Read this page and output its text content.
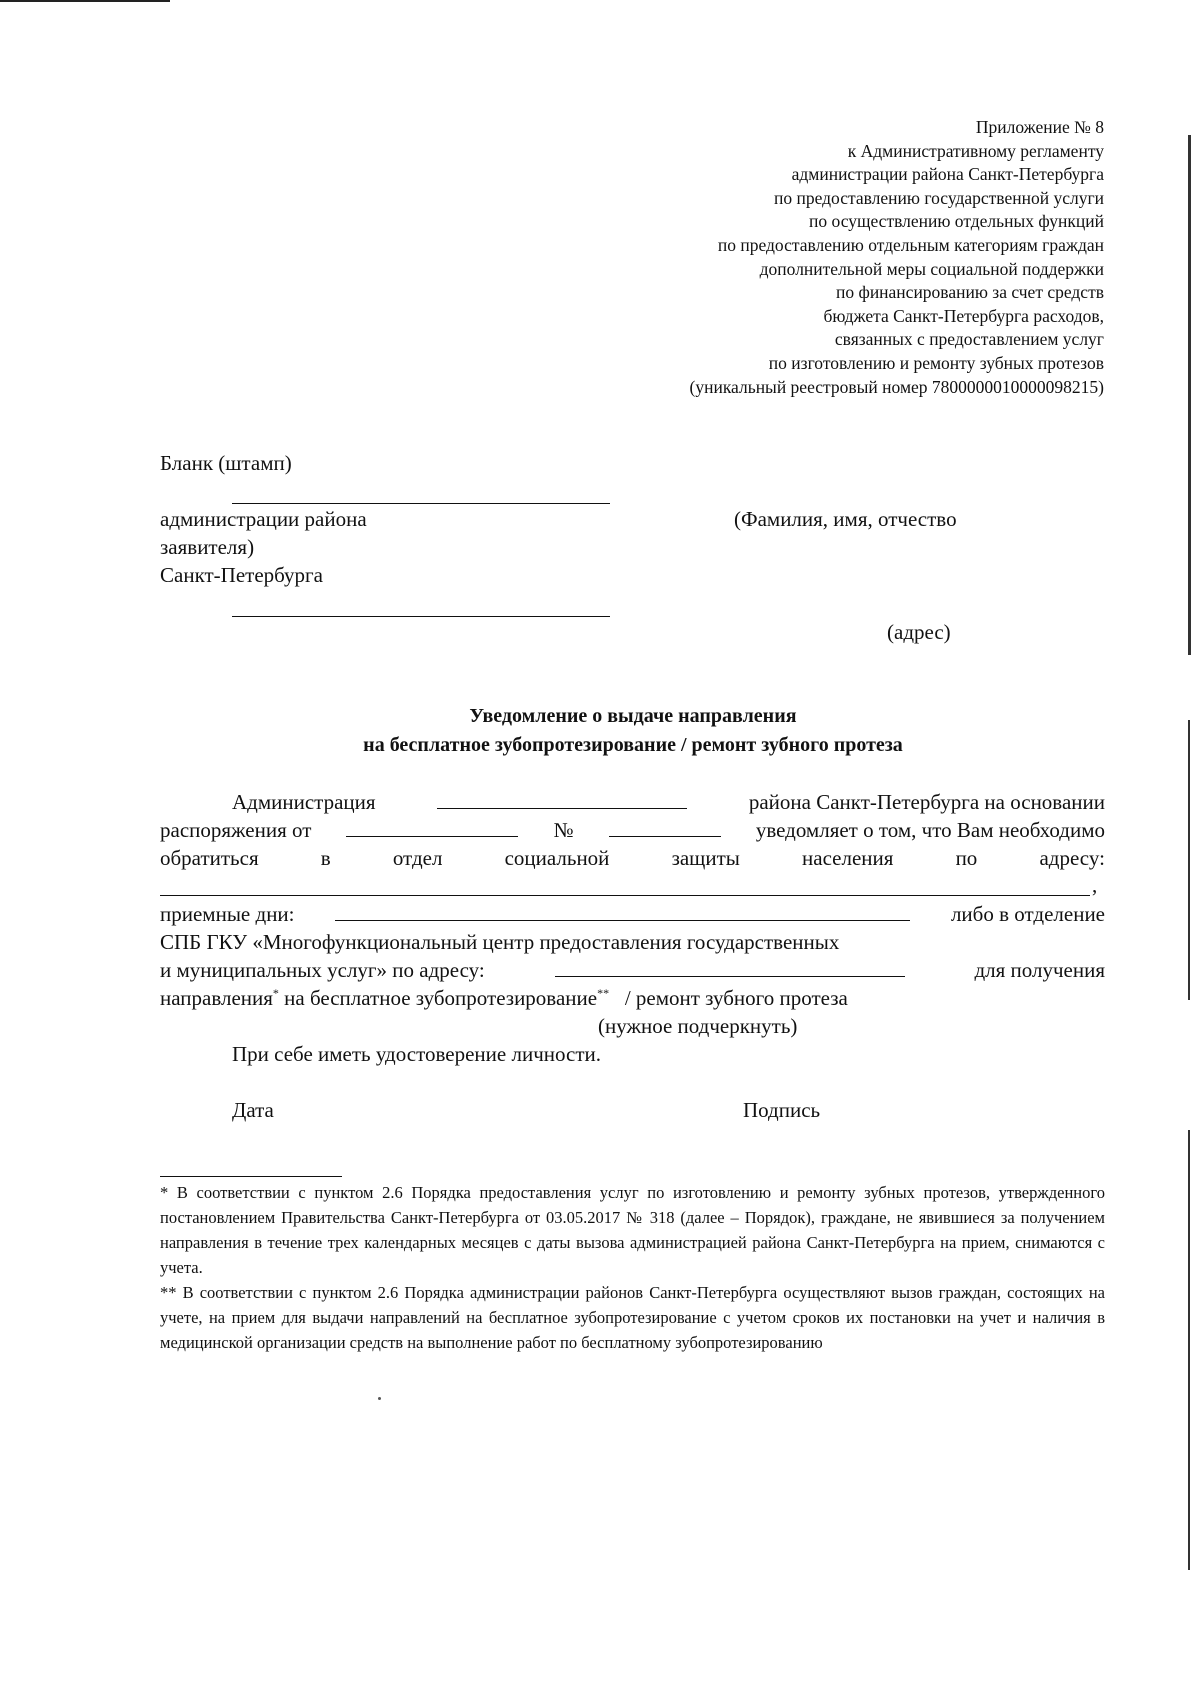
Приложение № 8
к Административному регламенту
администрации района Санкт-Петербурга
по предоставлению государственной услуги
по осуществлению отдельных функций
по предоставлению отдельным категориям граждан
дополнительной меры социальной поддержки
по финансированию за счет средств
бюджета Санкт-Петербурга расходов,
связанных с предоставлением услуг
по изготовлению и ремонту зубных протезов
(уникальный реестровый номер 7800000010000098215)
Бланк (штамп)
администрации района	(Фамилия, имя, отчество
заявителя)
Санкт-Петербурга
(адрес)
Уведомление о выдаче направления
на бесплатное зубопротезирование / ремонт зубного протеза
Администрация	района Санкт-Петербурга на основании
распоряжения от	№	уведомляет о том, что Вам необходимо
обратиться	в	отдел	социальной	защиты	населения	по	адресу:
,
приемные дни:	либо в отделение
СПБ ГКУ «Многофункциональный центр предоставления государственных
и муниципальных услуг» по адресу:	для получения
направления* на бесплатное зубопротезирование** / ремонт зубного протеза
(нужное подчеркнуть)
При себе иметь удостоверение личности.
Дата	Подпись

* В соответствии с пунктом 2.6 Порядка предоставления услуг по изготовлению и ремонту зубных протезов, утвержденного постановлением Правительства Санкт-Петербурга от 03.05.2017 № 318 (далее – Порядок), граждане, не явившиеся за получением направления в течение трех календарных месяцев с даты вызова администрацией района Санкт-Петербурга на прием, снимаются с учета.

** В соответствии с пунктом 2.6 Порядка администрации районов Санкт-Петербурга осуществляют вызов граждан, состоящих на учете, на прием для выдачи направлений на бесплатное зубопротезирование с учетом сроков их постановки на учет и наличия в медицинской организации средств на выполнение работ по бесплатному зубопротезированию
